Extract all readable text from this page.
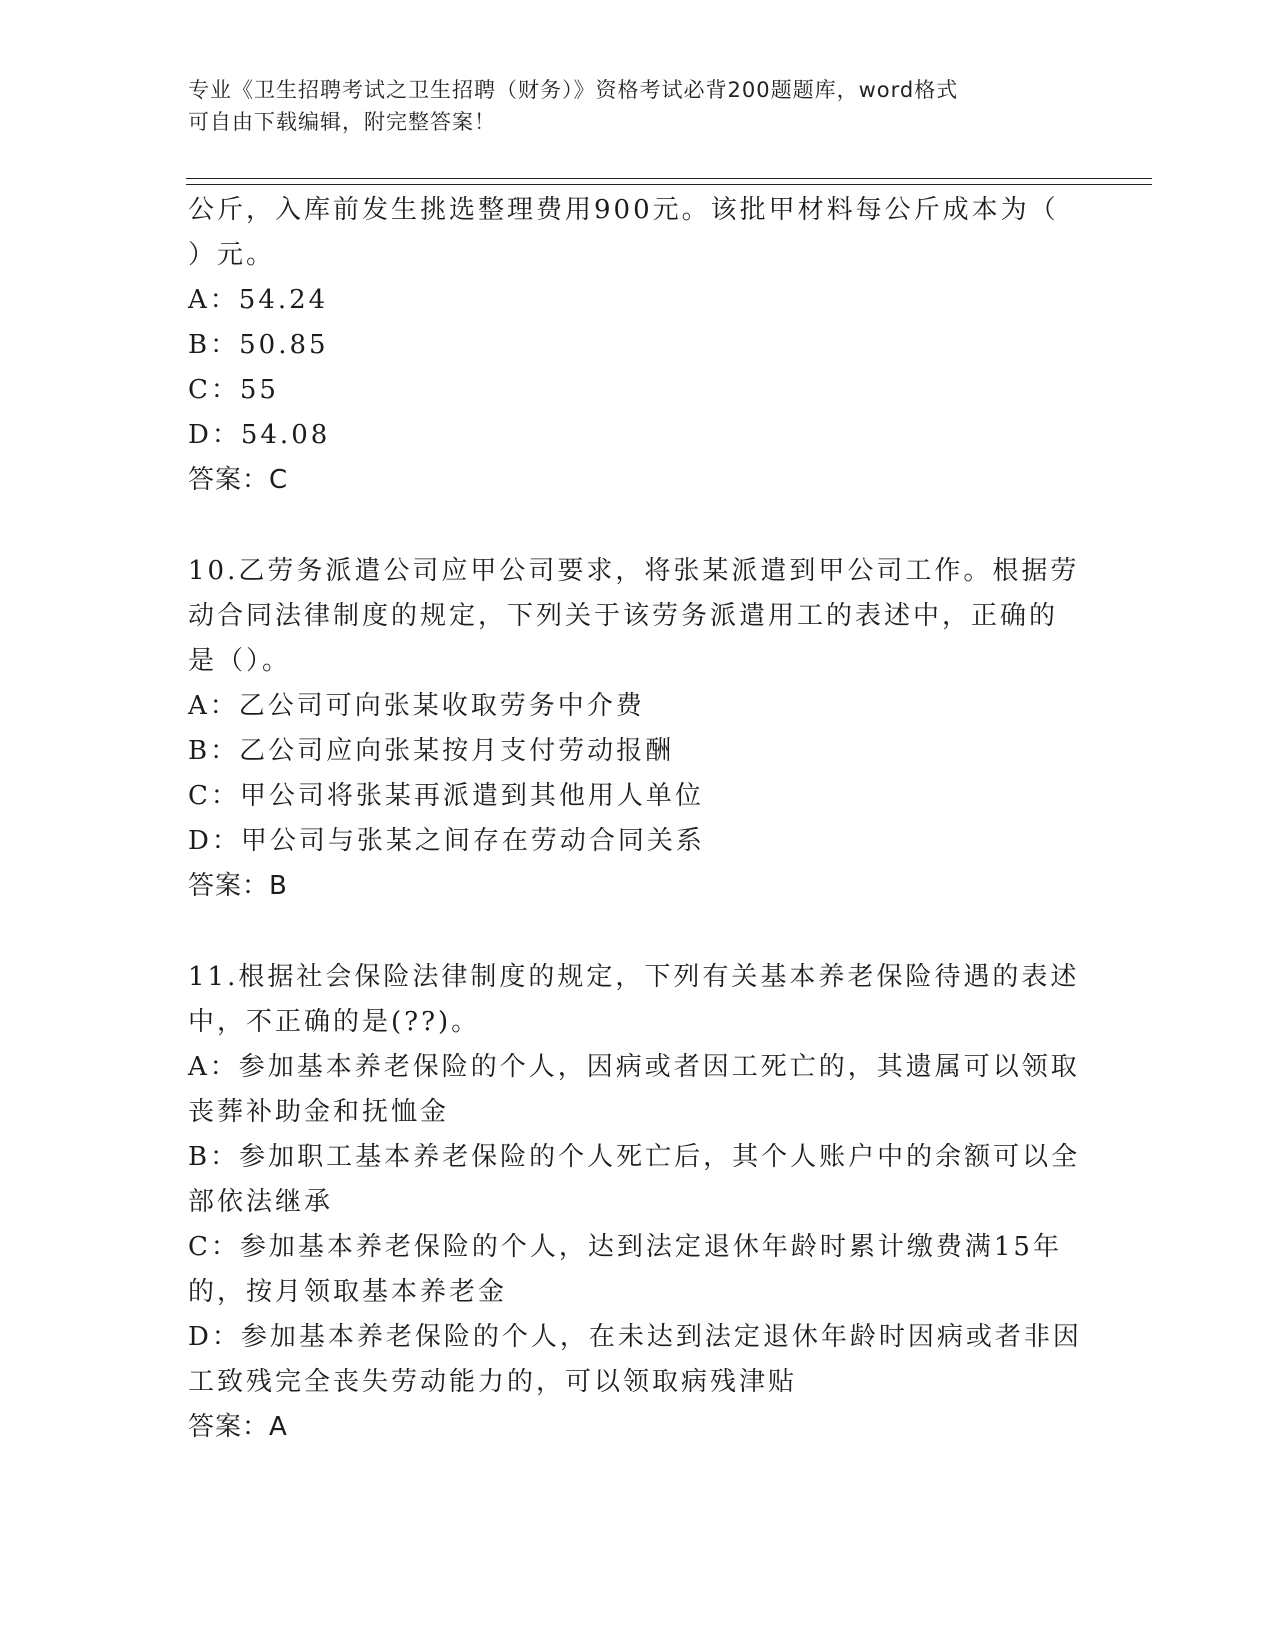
专业《卫生招聘考试之卫生招聘（财务）》资格考试必背200题题库，word格式
可自由下载编辑，附完整答案！
公斤，入库前发生挑选整理费用900元。该批甲材料每公斤成本为（
）元。
A：54.24
B：50.85
C：55
D：54.08
答案：C
10.乙劳务派遣公司应甲公司要求，将张某派遣到甲公司工作。根据劳
动合同法律制度的规定，下列关于该劳务派遣用工的表述中，正确的
是（）。
A：乙公司可向张某收取劳务中介费
B：乙公司应向张某按月支付劳动报酬
C：甲公司将张某再派遣到其他用人单位
D：甲公司与张某之间存在劳动合同关系
答案：B
11.根据社会保险法律制度的规定，下列有关基本养老保险待遇的表述
中，不正确的是(??)。
A：参加基本养老保险的个人，因病或者因工死亡的，其遗属可以领取
丧葬补助金和抚恤金
B：参加职工基本养老保险的个人死亡后，其个人账户中的余额可以全
部依法继承
C：参加基本养老保险的个人，达到法定退休年龄时累计缴费满15年
的，按月领取基本养老金
D：参加基本养老保险的个人，在未达到法定退休年龄时因病或者非因
工致残完全丧失劳动能力的，可以领取病残津贴
答案：A
